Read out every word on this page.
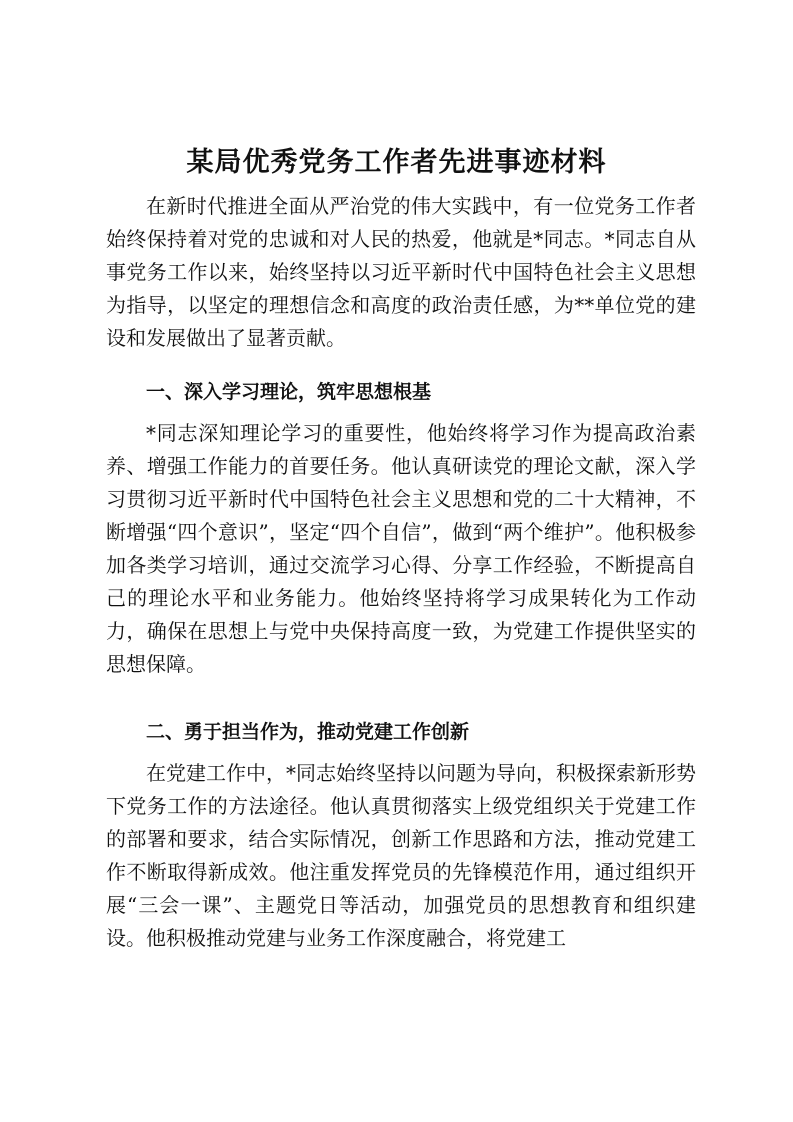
某局优秀党务工作者先进事迹材料

在新时代推进全面从严治党的伟大实践中，有一位党务工作者始终保持着对党的忠诚和对人民的热爱，他就是*同志。*同志自从事党务工作以来，始终坚持以习近平新时代中国特色社会主义思想为指导，以坚定的理想信念和高度的政治责任感，为**单位党的建设和发展做出了显著贡献。

一、深入学习理论，筑牢思想根基

*同志深知理论学习的重要性，他始终将学习作为提高政治素养、增强工作能力的首要任务。他认真研读党的理论文献，深入学习贯彻习近平新时代中国特色社会主义思想和党的二十大精神，不断增强“四个意识”，坚定“四个自信”，做到“两个维护”。他积极参加各类学习培训，通过交流学习心得、分享工作经验，不断提高自己的理论水平和业务能力。他始终坚持将学习成果转化为工作动力，确保在思想上与党中央保持高度一致，为党建工作提供坚实的思想保障。

二、勇于担当作为，推动党建工作创新

在党建工作中，*同志始终坚持以问题为导向，积极探索新形势下党务工作的方法途径。他认真贯彻落实上级党组织关于党建工作的部署和要求，结合实际情况，创新工作思路和方法，推动党建工作不断取得新成效。他注重发挥党员的先锋模范作用，通过组织开展“三会一课”、主题党日等活动，加强党员的思想教育和组织建设。他积极推动党建与业务工作深度融合，将党建工
